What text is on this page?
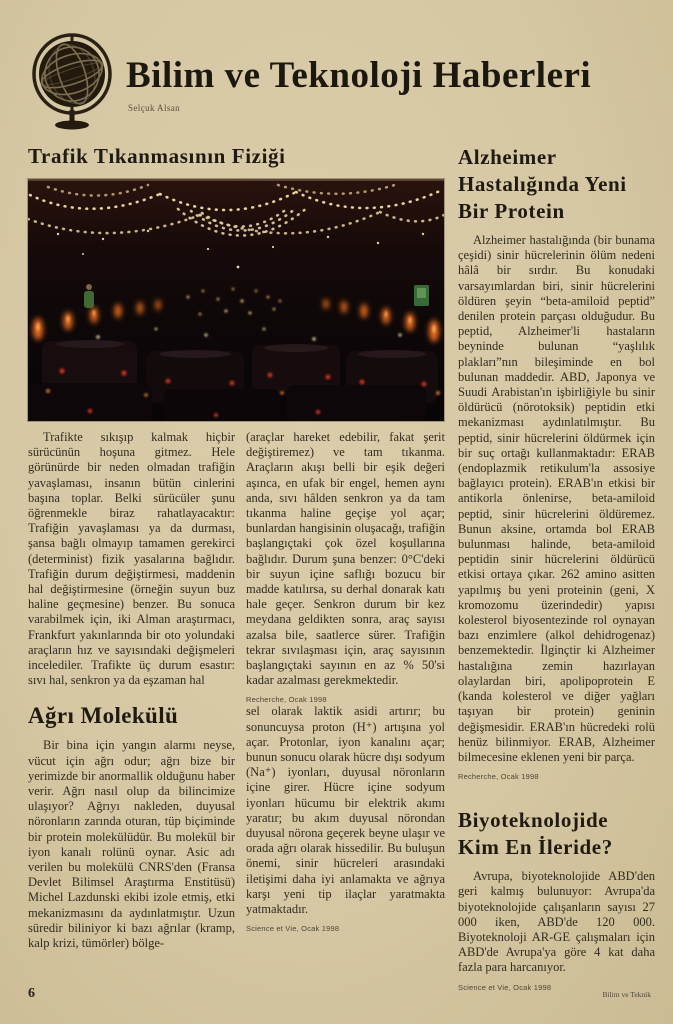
Bilim ve Teknoloji Haberleri
Selçuk Alsan
Trafik Tıkanmasının Fiziği

Trafikte sıkışıp kalmak hiçbir sürücünün hoşuna gitmez. Hele görünürde bir neden olmadan trafiğin yavaşlaması, insanın bütün cinlerini başına toplar. Belki sürücüler şunu öğrenmekle biraz rahatlayacaktır: Trafiğin yavaşlaması ya da durması, şansa bağlı olmayıp tamamen gerekirci (determinist) fizik yasalarına bağlıdır. Trafiğin durum değiştirmesi, maddenin hal değiştirmesine (örneğin suyun buz haline geçmesine) benzer. Bu sonuca varabilmek için, iki Alman araştırmacı, Frankfurt yakınlarında bir oto yolundaki araçların hız ve sayısındaki değişmeleri incelediler. Trafikte üç durum esastır: sıvı hal, senkron ya da eşzaman hal

Ağrı Molekülü

Bir bina için yangın alarmı neyse, vücut için ağrı odur; ağrı bize bir yerimizde bir anormallik olduğunu haber verir. Ağrı nasıl olup da bilincimize ulaşıyor? Ağrıyı nakleden, duyusal nöronların zarında oturan, tüp biçiminde bir protein molekülüdür. Bu molekül bir iyon kanalı rolünü oynar. Asic adı verilen bu molekülü CNRS'den (Fransa Devlet Bilimsel Araştırma Enstitüsü) Michel Lazdunski ekibi izole etmiş, etki mekanizmasını da aydınlatmıştır. Uzun süredir biliniyor ki bazı ağrılar (kramp, kalp krizi, tümörler) bölge-

(araçlar hareket edebilir, fakat şerit değiştiremez) ve tam tıkanma. Araçların akışı belli bir eşik değeri aşınca, en ufak bir engel, hemen aynı anda, sıvı hâlden senkron ya da tam tıkanma haline geçişe yol açar; bunlardan hangisinin oluşacağı, trafiğin başlangıçtaki çok özel koşullarına bağlıdır. Durum şuna benzer: 0°C'deki bir suyun içine saflığı bozucu bir madde katılırsa, su derhal donarak katı hale geçer. Senkron durum bir kez meydana geldikten sonra, araç sayısı azalsa bile, saatlerce sürer. Trafiğin tekrar sıvılaşması için, araç sayısının başlangıçtaki sayının en az % 50'si kadar azalması gerekmektedir.

Recherche, Ocak 1998

sel olarak laktik asidi artırır; bu sonuncuysa proton (H⁺) artışına yol açar. Protonlar, iyon kanalını açar; bunun sonucu olarak hücre dışı sodyum (Na⁺) iyonları, duyusal nöronların içine girer. Hücre içine sodyum iyonları hücumu bir elektrik akımı yaratır; bu akım duyusal nörondan duyusal nörona geçerek beyne ulaşır ve orada ağrı olarak hissedilir. Bu buluşun önemi, sinir hücreleri arasındaki iletişimi daha iyi anlamakta ve ağrıya karşı yeni tip ilaçlar yaratmakta yatmaktadır.

Science et Vie, Ocak 1998
Alzheimer Hastalığında Yeni Bir Protein

Alzheimer hastalığında (bir bunama çeşidi) sinir hücrelerinin ölüm nedeni hâlâ bir sırdır. Bu konudaki varsayımlardan biri, sinir hücrelerini öldüren şeyin “beta-amiloid peptid” denilen protein parçası olduğudur. Bu peptid, Alzheimer'li hastaların beyninde bulunan “yaşlılık plakları”nın bileşiminde en bol bulunan maddedir. ABD, Japonya ve Suudi Arabistan'ın işbirliğiyle bu sinir öldürücü (nörotoksik) peptidin etki mekanizması aydınlatılmıştır. Bu peptid, sinir hücrelerini öldürmek için bir suç ortağı kullanmaktadır: ERAB (endoplazmik retikulum'la assosiye bağlayıcı protein). ERAB'ın etkisi bir antikorla önlenirse, beta-amiloid peptid, sinir hücrelerini öldüremez. Bunun aksine, ortamda bol ERAB bulunması halinde, beta-amiloid peptidin sinir hücrelerini öldürücü etkisi ortaya çıkar. 262 amino asitten yapılmış bu yeni proteinin (geni, X kromozomu üzerindedir) yapısı kolesterol biyosentezinde rol oynayan bazı enzimlere (alkol dehidrogenaz) benzemektedir. İlginçtir ki Alzheimer hastalığına zemin hazırlayan olaylardan biri, apolipoprotein E (kanda kolesterol ve diğer yağları taşıyan bir protein) geninin değişmesidir. ERAB'ın hücredeki rolü henüz bilinmiyor. ERAB, Alzheimer bilmecesine eklenen yeni bir parça.

Recherche, Ocak 1998
Biyoteknolojide Kim En İleride?

Avrupa, biyoteknolojide ABD'den geri kalmış bulunuyor: Avrupa'da biyoteknolojide çalışanların sayısı 27 000 iken, ABD'de 120 000. Biyoteknoloji AR-GE çalışmaları için ABD'de Avrupa'ya göre 4 kat daha fazla para harcanıyor.

Science et Vie, Ocak 1998
6	Bilim ve Teknik
